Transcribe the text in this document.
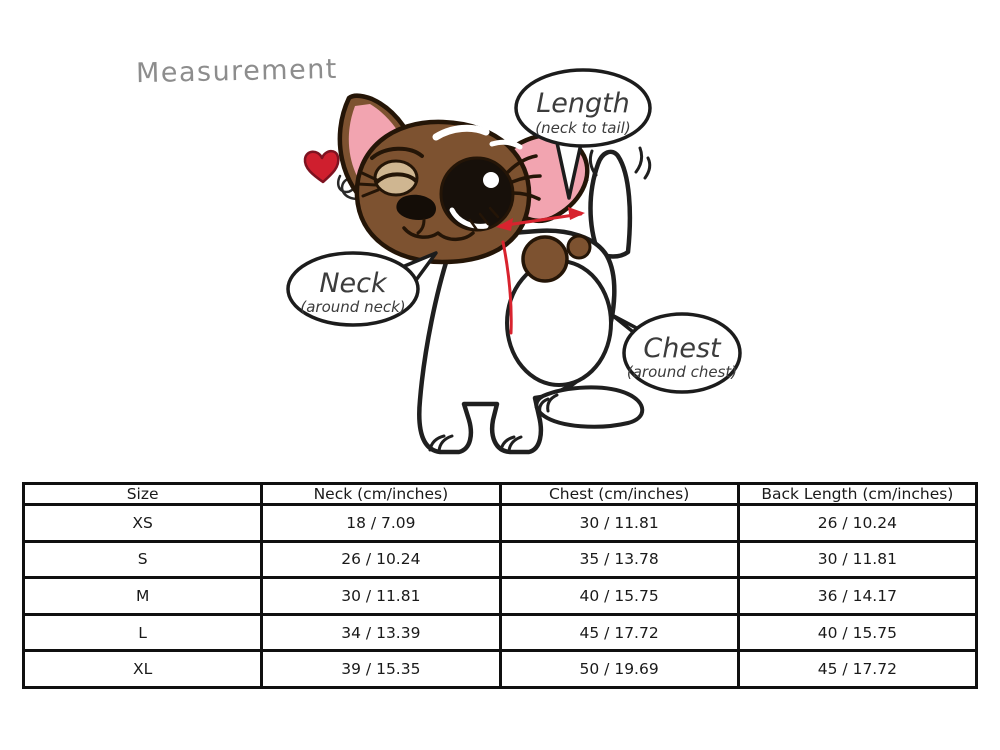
Measurement
Length
(neck to tail)
Neck
(around neck)
Chest
(around chest)
Size	Neck (cm/inches)	Chest (cm/inches)	Back Length (cm/inches)
XS	18 / 7.09	30 / 11.81	26 / 10.24
S	26 / 10.24	35 / 13.78	30 / 11.81
M	30 / 11.81	40 / 15.75	36 / 14.17
L	34 / 13.39	45 / 17.72	40 / 15.75
XL	39 / 15.35	50 / 19.69	45 / 17.72
